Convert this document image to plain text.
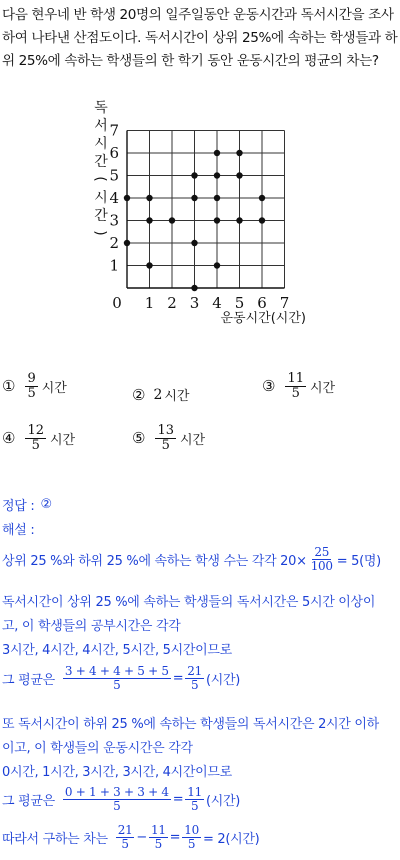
다음 현우네 반 학생 20명의 일주일동안 운동시간과 독서시간을 조사하여 나타낸 산점도이다. 독서시간이 상위 25%에 속하는 학생들과 하위 25%에 속하는 학생들의 한 학기 동안 운동시간의 평균의 차는?
0 1 2 3 4 5 6 7
1
2
3
4
5
6
7
독
서
시
간
(
시
간
)
운동시간(시간)
① $\frac{9}{5}$ 시간	② 2 시간
③ $\frac{11}{5}$ 시간
④ $\frac{12}{5}$ 시간	⑤ $\frac{13}{5}$ 시간
정답 : ②
해설 :
상위 25 %와 하위 25 %에 속하는 학생 수는 각각 $20\times \frac{25}{100} = 5$(명)
독서시간이 상위 25 %에 속하는 학생들의 독서시간은 5시간 이상이
고, 이 학생들의 공부시간은 각각
3시간, 4시간, 4시간, 5시간, 5시간이므로
그 평균은 $\frac{3 + 4 + 4 + 5 + 5}{5} = \frac{21}{5}$ (시간)
또 독서시간이 하위 25 %에 속하는 학생들의 독서시간은 2시간 이하
이고, 이 학생들의 운동시간은 각각
0시간, 1시간, 3시간, 3시간, 4시간이므로
그 평균은 $\frac{0 + 1 + 3 + 3 + 4}{5} = \frac{11}{5}$ (시간)
따라서 구하는 차는 $\frac{21}{5} - \frac{11}{5} = \frac{10}{5} = 2$(시간)
